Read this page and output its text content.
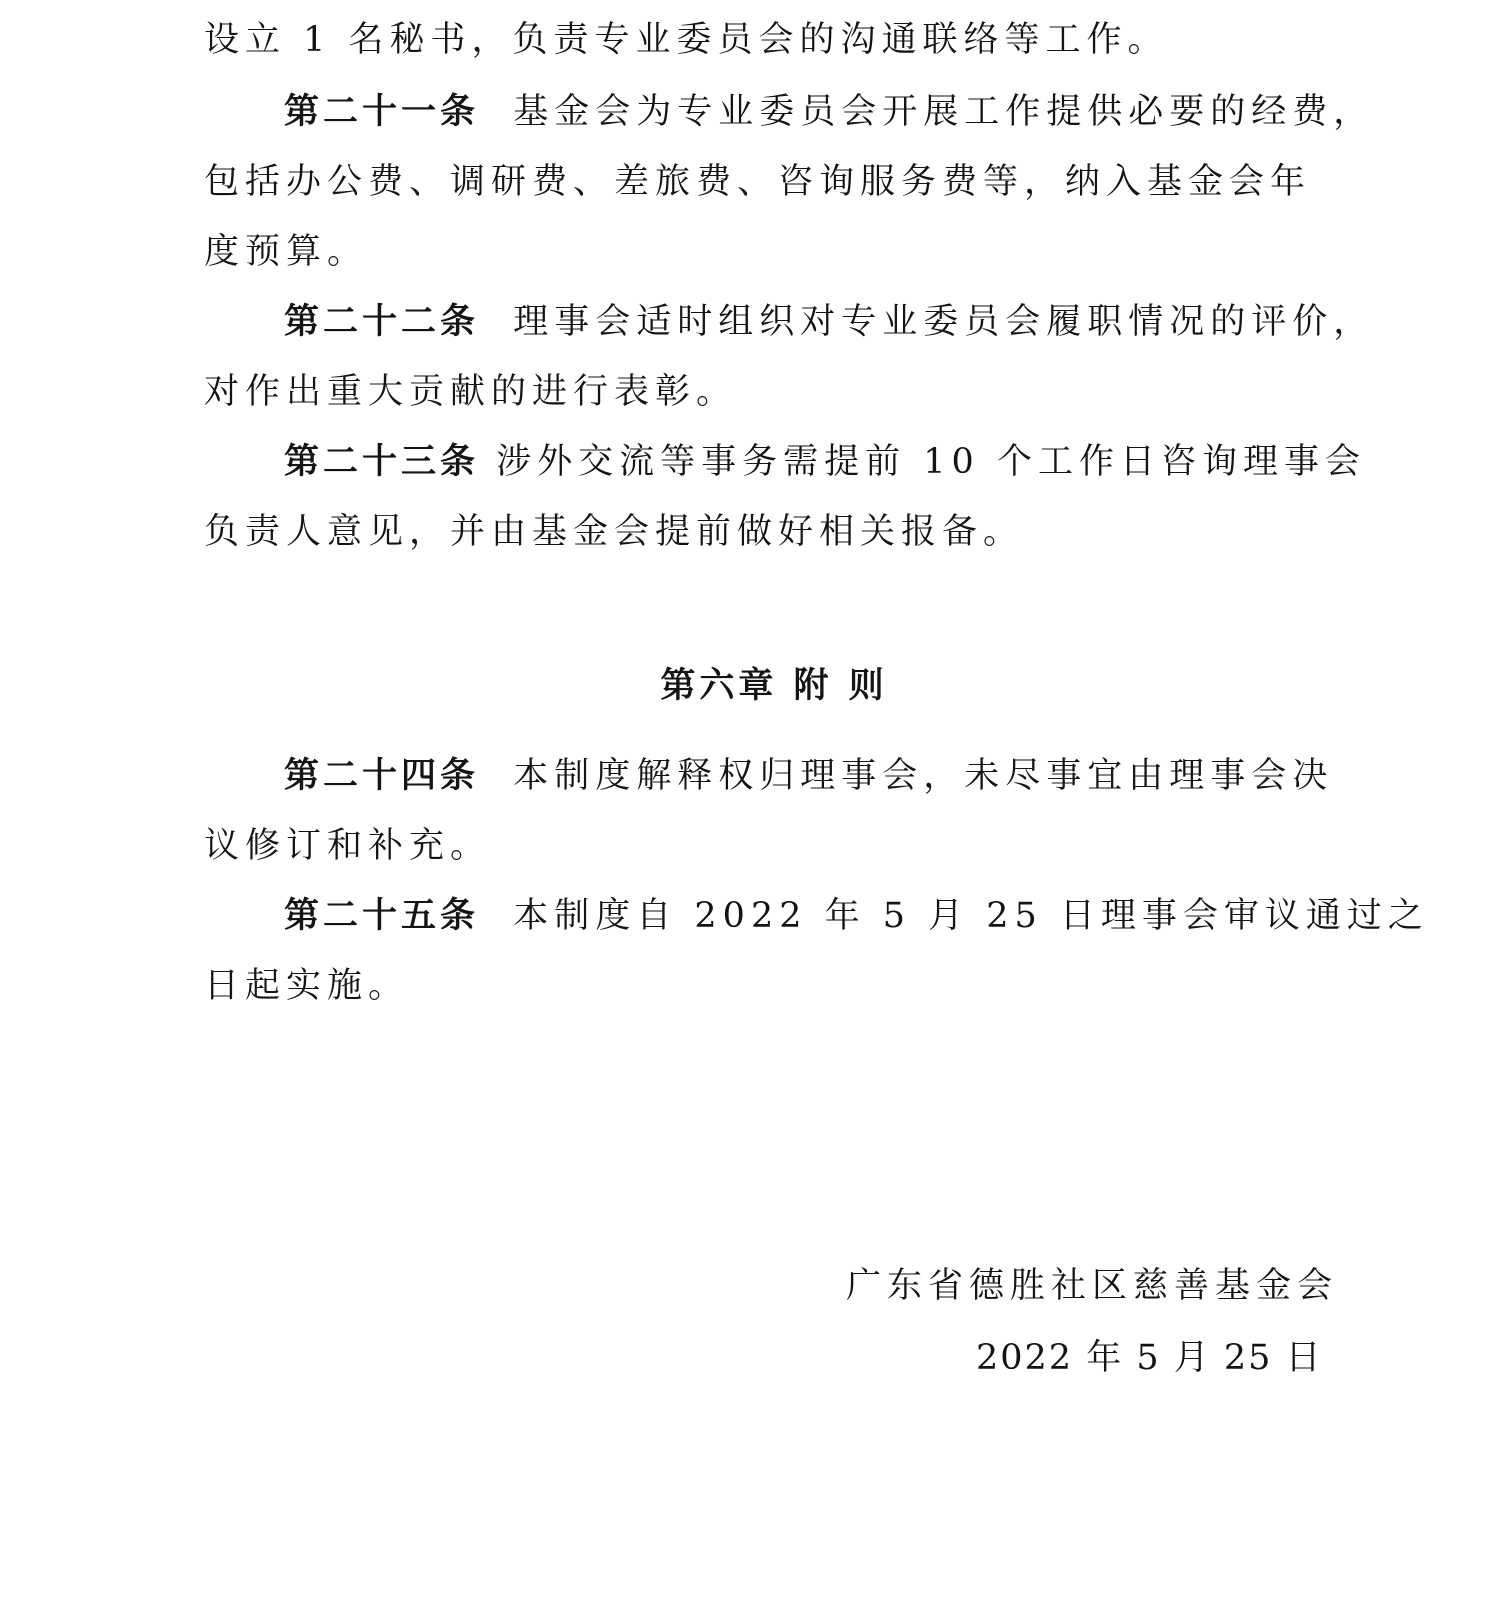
设立 1 名秘书，负责专业委员会的沟通联络等工作。
第二十一条 基金会为专业委员会开展工作提供必要的经费，
包括办公费、调研费、差旅费、咨询服务费等，纳入基金会年
度预算。
第二十二条 理事会适时组织对专业委员会履职情况的评价，
对作出重大贡献的进行表彰。
第二十三条 涉外交流等事务需提前 10 个工作日咨询理事会
负责人意见，并由基金会提前做好相关报备。
第六章 附 则
第二十四条 本制度解释权归理事会，未尽事宜由理事会决
议修订和补充。
第二十五条 本制度自 2022 年 5 月 25 日理事会审议通过之
日起实施。
广东省德胜社区慈善基金会
2022 年 5 月 25 日
